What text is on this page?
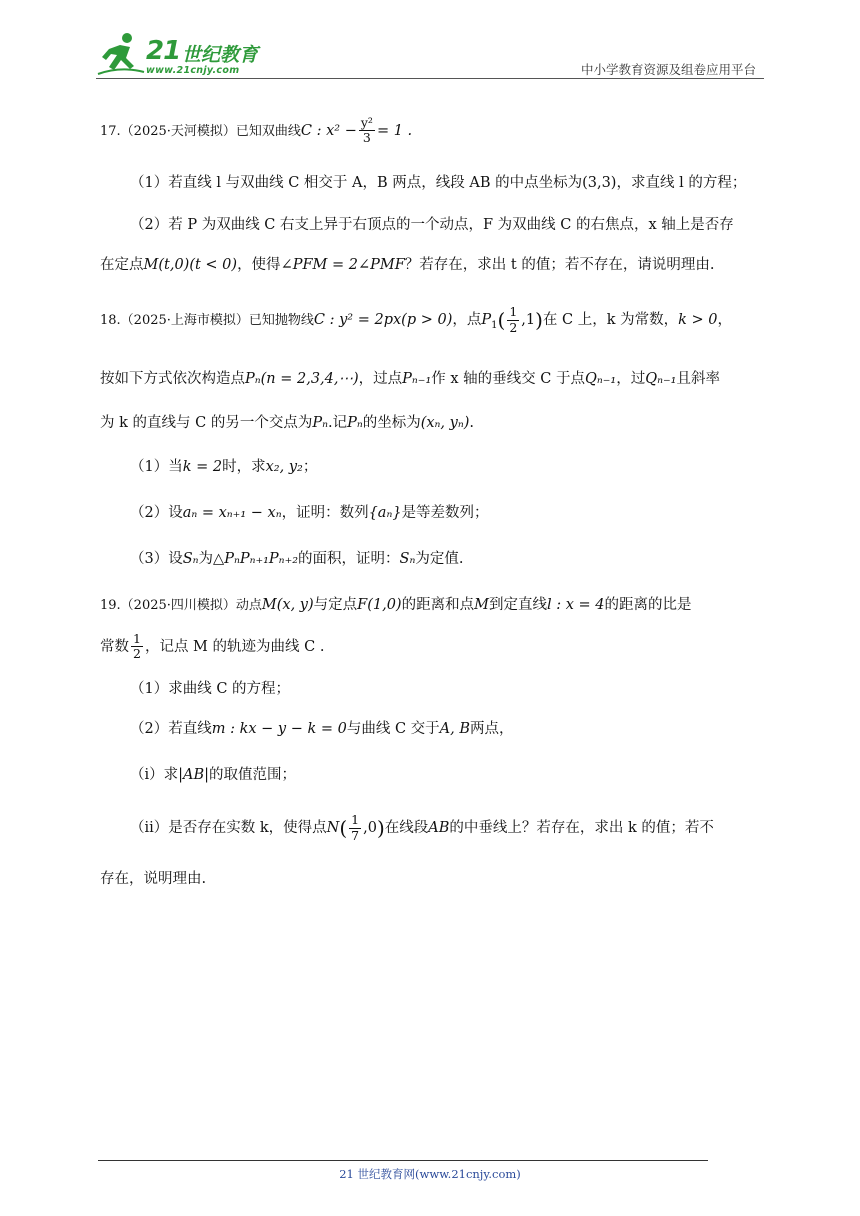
21 世纪教育
www.21cnjy.com	中小学教育资源及组卷应用平台
17.（2025·天河模拟）已知双曲线C : $x^2 - \frac{\text{y²}}{3} = 1$ .
（1）若直线 l 与双曲线 C 相交于 A，B 两点，线段 AB 的中点坐标为(3,3)，求直线 l 的方程；
（2）若 P 为双曲线 C 右支上异于右顶点的一个动点，F 为双曲线 C 的右焦点，x 轴上是否存
在定点M(t,0)(t < 0)，使得∠PFM = 2∠PMF？若存在，求出 t 的值；若不存在，请说明理由.
18.（2025·上海市模拟）已知抛物线C : y² = 2px(p > 0)，点$P_1( \frac{1}{2} ,1)$在 C 上，k 为常数，k > 0，
按如下方式依次构造点Pₙ(n = 2,3,4,⋯)，过点Pₙ₋₁作 x 轴的垂线交 C 于点Qₙ₋₁，过Qₙ₋₁且斜率
为 k 的直线与 C 的另一个交点为Pₙ.记Pₙ的坐标为(xₙ, yₙ).
（1）当k = 2时，求x₂, y₂；
（2）设aₙ = xₙ₊₁ − xₙ，证明：数列{aₙ}是等差数列；
（3）设Sₙ为△PₙPₙ₊₁Pₙ₊₂的面积，证明：Sₙ为定值.
19.（2025·四川模拟）动点M(x, y)与定点F(1,0)的距离和点M到定直线l : x = 4的距离的比是
常数 $\frac{1}{2}$ ，记点 M 的轨迹为曲线 C .
（1）求曲线 C 的方程；
（2）若直线m : kx − y − k = 0与曲线 C 交于A, B两点，
（ⅰ）求|AB|的取值范围；
（ⅱ）是否存在实数 k，使得点$N( \frac{1}{7} ,0)$在线段AB的中垂线上？若存在，求出 k 的值；若不
存在，说明理由.
21 世纪教育网(www.21cnjy.com)
